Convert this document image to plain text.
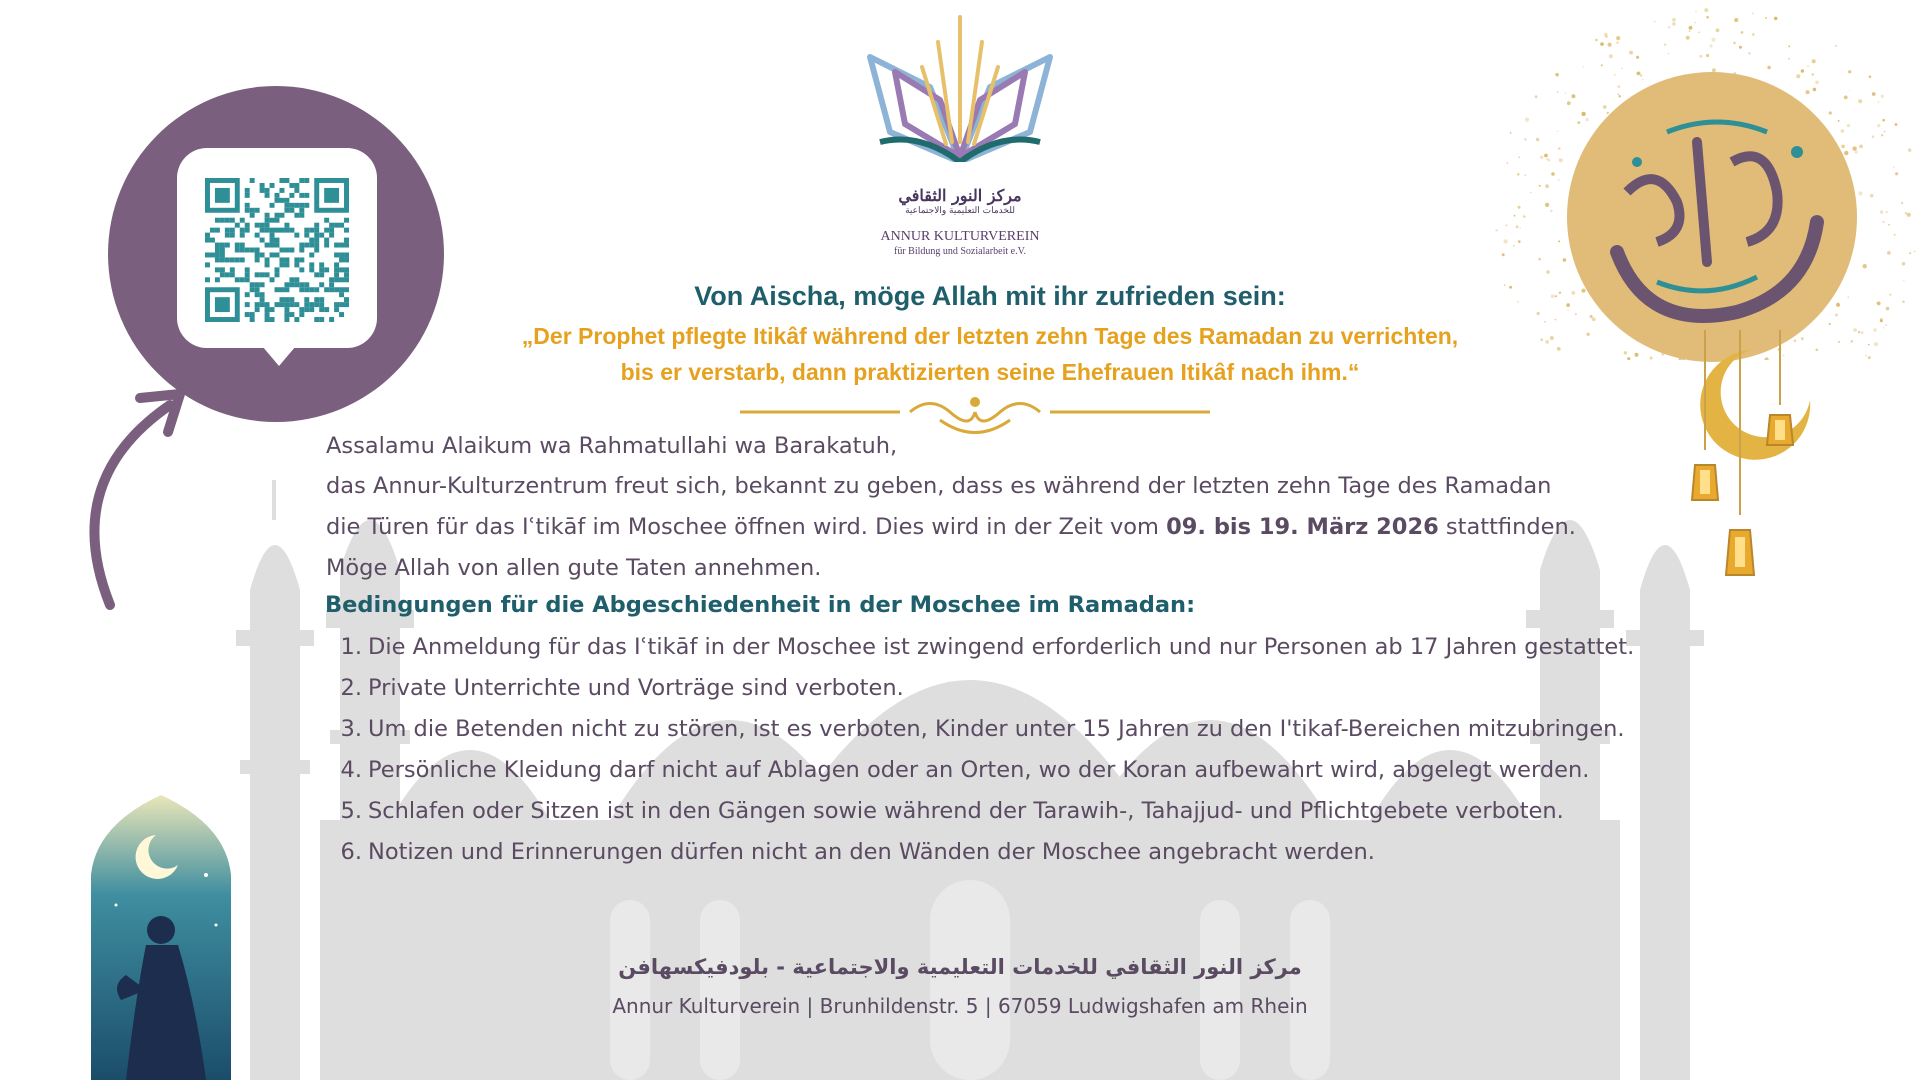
مركز النور الثقافي
للخدمات التعليمية والاجتماعية
ANNUR KULTURVEREIN
für Bildung und Sozialarbeit e.V.
Von Aischa, möge Allah mit ihr zufrieden sein:
„Der Prophet pflegte Itikâf während der letzten zehn Tage des Ramadan zu verrichten,
bis er verstarb, dann praktizierten seine Ehefrauen Itikâf nach ihm.“
Assalamu Alaikum wa Rahmatullahi wa Barakatuh,
das Annur-Kulturzentrum freut sich, bekannt zu geben, dass es während der letzten zehn Tage des Ramadan
die Türen für das Iʿtikāf im Moschee öffnen wird. Dies wird in der Zeit vom 09. bis 19. März 2026 stattfinden.
Möge Allah von allen gute Taten annehmen.
Bedingungen für die Abgeschiedenheit in der Moschee im Ramadan:
1. Die Anmeldung für das Iʿtikāf in der Moschee ist zwingend erforderlich und nur Personen ab 17 Jahren gestattet.
2. Private Unterrichte und Vorträge sind verboten.
3. Um die Betenden nicht zu stören, ist es verboten, Kinder unter 15 Jahren zu den I'tikaf-Bereichen mitzubringen.
4. Persönliche Kleidung darf nicht auf Ablagen oder an Orten, wo der Koran aufbewahrt wird, abgelegt werden.
5. Schlafen oder Sitzen ist in den Gängen sowie während der Tarawih-, Tahajjud- und Pflichtgebete verboten.
6. Notizen und Erinnerungen dürfen nicht an den Wänden der Moschee angebracht werden.
مركز النور الثقافي للخدمات التعليمية والاجتماعية - بلودفيكسهافن
Annur Kulturverein | Brunhildenstr. 5 | 67059 Ludwigshafen am Rhein
